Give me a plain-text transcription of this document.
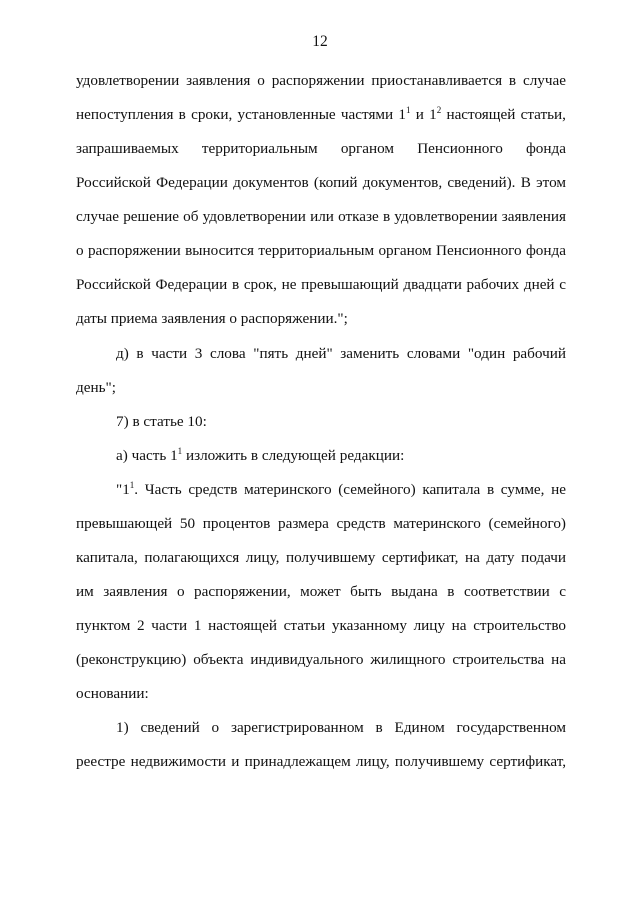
12
удовлетворении заявления о распоряжении приостанавливается в случае
непоступления в сроки, установленные частями $1^1$ и $1^2$ настоящей статьи,
запрашиваемых территориальным органом Пенсионного фонда
Российской Федерации документов (копий документов, сведений). В этом
случае решение об удовлетворении или отказе в удовлетворении заявления
о распоряжении выносится территориальным органом Пенсионного фонда
Российской Федерации в срок, не превышающий двадцати рабочих дней с
даты приема заявления о распоряжении.";
д) в части 3 слова "пять дней" заменить словами "один рабочий
день";
7) в статье 10:
а) часть $1^1$ изложить в следующей редакции:
"$1^1$. Часть средств материнского (семейного) капитала в сумме, не
превышающей 50 процентов размера средств материнского (семейного)
капитала, полагающихся лицу, получившему сертификат, на дату подачи
им заявления о распоряжении, может быть выдана в соответствии с
пунктом 2 части 1 настоящей статьи указанному лицу на строительство
(реконструкцию) объекта индивидуального жилищного строительства на
основании:
1) сведений о зарегистрированном в Едином государственном
реестре недвижимости и принадлежащем лицу, получившему сертификат,
